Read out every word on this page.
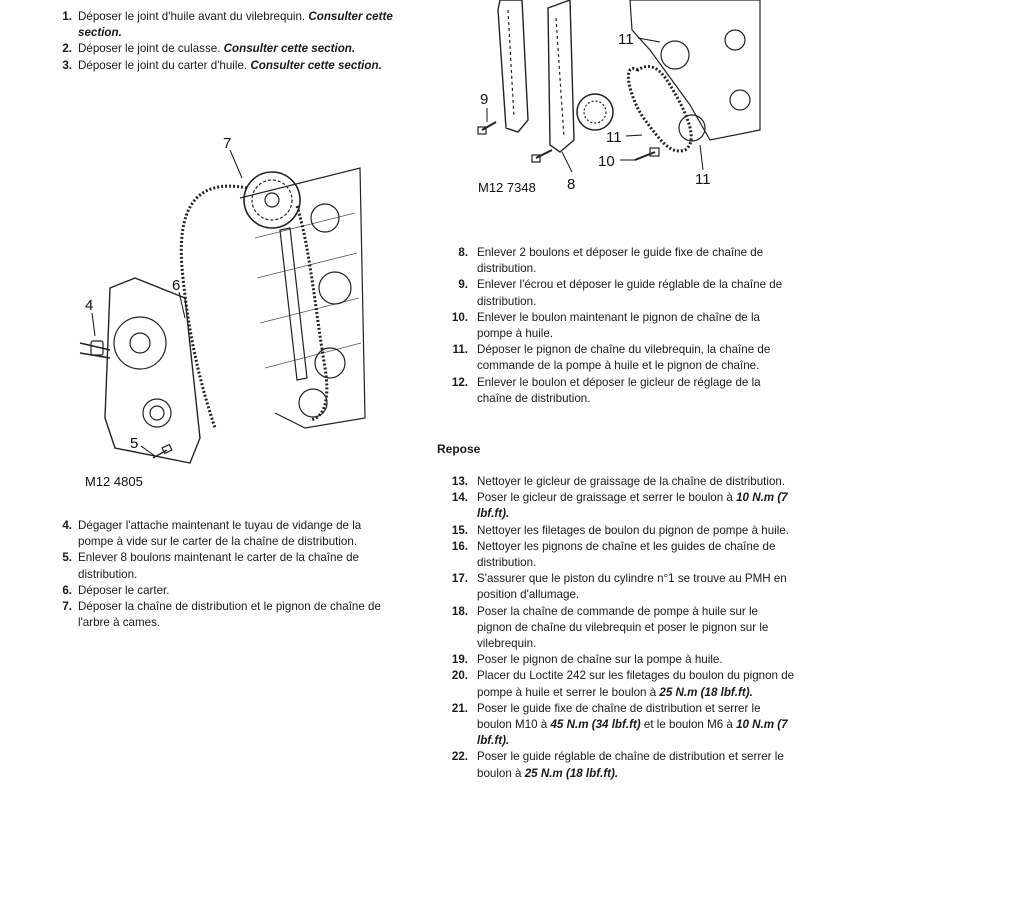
1. Déposer le joint d'huile avant du vilebrequin. Consulter cette section.
2. Déposer le joint de culasse. Consulter cette section.
3. Déposer le joint du carter d'huile. Consulter cette section.
7
6
4
5
M12 4805
4. Dégager l'attache maintenant le tuyau de vidange de la pompe à vide sur le carter de la chaîne de distribution.
5. Enlever 8 boulons maintenant le carter de la chaîne de distribution.
6. Déposer le carter.
7. Déposer la chaîne de distribution et le pignon de chaîne de l'arbre à cames.
11
9
11
10
8	11
M12 7348
8. Enlever 2 boulons et déposer le guide fixe de chaîne de distribution.
9. Enlever l'écrou et déposer le guide réglable de la chaîne de distribution.
10. Enlever le boulon maintenant le pignon de chaîne de la pompe à huile.
11. Déposer le pignon de chaîne du vilebrequin, la chaîne de commande de la pompe à huile et le pignon de chaîne.
12. Enlever le boulon et déposer le gicleur de réglage de la chaîne de distribution.
Repose
13. Nettoyer le gicleur de graissage de la chaîne de distribution.
14. Poser le gicleur de graissage et serrer le boulon à 10 N.m (7 lbf.ft).
15. Nettoyer les filetages de boulon du pignon de pompe à huile.
16. Nettoyer les pignons de chaîne et les guides de chaîne de distribution.
17. S'assurer que le piston du cylindre n°1 se trouve au PMH en position d'allumage.
18. Poser la chaîne de commande de pompe à huile sur le pignon de chaîne du vilebrequin et poser le pignon sur le vilebrequin.
19. Poser le pignon de chaîne sur la pompe à huile.
20. Placer du Loctite 242 sur les filetages du boulon du pignon de pompe à huile et serrer le boulon à 25 N.m (18 lbf.ft).
21. Poser le guide fixe de chaîne de distribution et serrer le boulon M10 à 45 N.m (34 lbf.ft) et le boulon M6 à 10 N.m (7 lbf.ft).
22. Poser le guide réglable de chaîne de distribution et serrer le boulon à 25 N.m (18 lbf.ft).
